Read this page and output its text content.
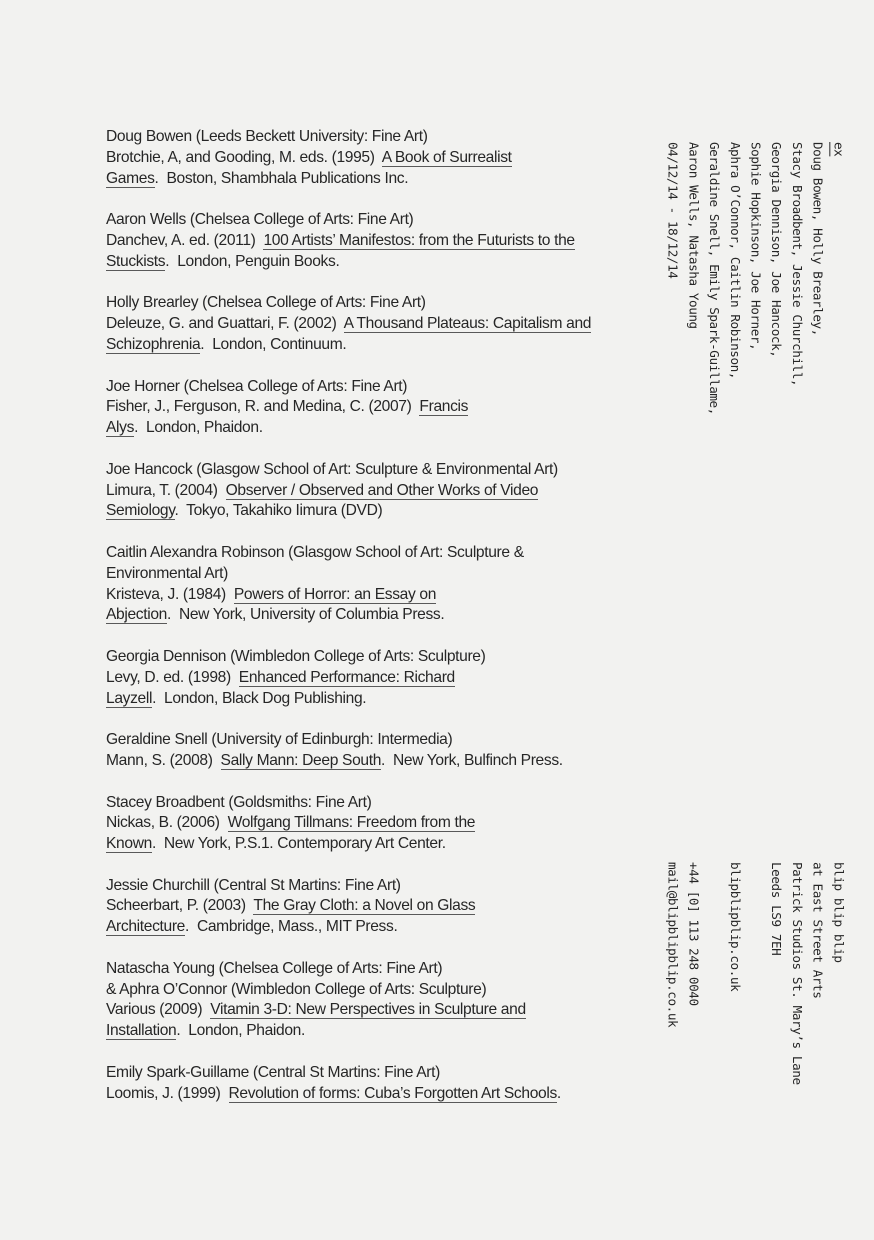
Doug Bowen (Leeds Beckett University: Fine Art)

Brotchie, A, and Gooding, M. eds. (1995) A Book of Surrealist Games.  Boston, Shambhala Publications Inc.

Aaron Wells (Chelsea College of Arts: Fine Art)

Danchev, A. ed. (2011) 100 Artists’ Manifestos: from the Futurists to the Stuckists.  London, Penguin Books.

Holly Brearley (Chelsea College of Arts: Fine Art)

Deleuze, G. and Guattari, F. (2002) A Thousand Plateaus: Capitalism and Schizophrenia.  London, Continuum.

Joe Horner (Chelsea College of Arts: Fine Art)

Fisher, J., Ferguson, R. and Medina, C. (2007) Francis Alys.  London, Phaidon.

Joe Hancock (Glasgow School of Art: Sculpture & Environmental Art)

Limura, T. (2004) Observer / Observed and Other Works of Video Semiology.  Tokyo, Takahiko Iimura (DVD)

Caitlin Alexandra Robinson (Glasgow School of Art: Sculpture & Environmental Art)

Kristeva, J. (1984) Powers of Horror: an Essay on Abjection.  New York, University of Columbia Press.

Georgia Dennison (Wimbledon College of Arts: Sculpture)

Levy, D. ed. (1998) Enhanced Performance: Richard Layzell.  London, Black Dog Publishing.

Geraldine Snell (University of Edinburgh: Intermedia)

Mann, S. (2008) Sally Mann: Deep South.  New York, Bulfinch Press.

Stacey Broadbent (Goldsmiths: Fine Art)

Nickas, B. (2006) Wolfgang Tillmans: Freedom from the Known.  New York, P.S.1. Contemporary Art Center.

Jessie Churchill (Central St Martins: Fine Art)

Scheerbart, P. (2003) The Gray Cloth: a Novel on Glass Architecture.  Cambridge, Mass., MIT Press.

Natascha Young (Chelsea College of Arts: Fine Art)

& Aphra O’Connor (Wimbledon College of Arts: Sculpture)

Various (2009) Vitamin 3-D: New Perspectives in Sculpture and Installation.  London, Phaidon.

Emily Spark-Guillame (Central St Martins: Fine Art)

Loomis, J. (1999) Revolution of forms: Cuba’s Forgotten Art Schools.

ex
Doug Bowen, Holly Brearley,
Stacy Broadbent, Jessie Churchill,
Georgia Dennison, Joe Hancock,
Sophie Hopkinson, Joe Horner,
Aphra O’Connor, Caitlin Robinson,
Geraldine Snell, Emily Spark-Guillame,
Aaron Wells, Natasha Young
04/12/14 - 18/12/14
blip blip blip
at East Street Arts
Patrick Studios St. Mary’s Lane
Leeds LS9 7EH

blipblipblip.co.uk

+44 [0] 113 248 0040
mail@blipblipblip.co.uk
